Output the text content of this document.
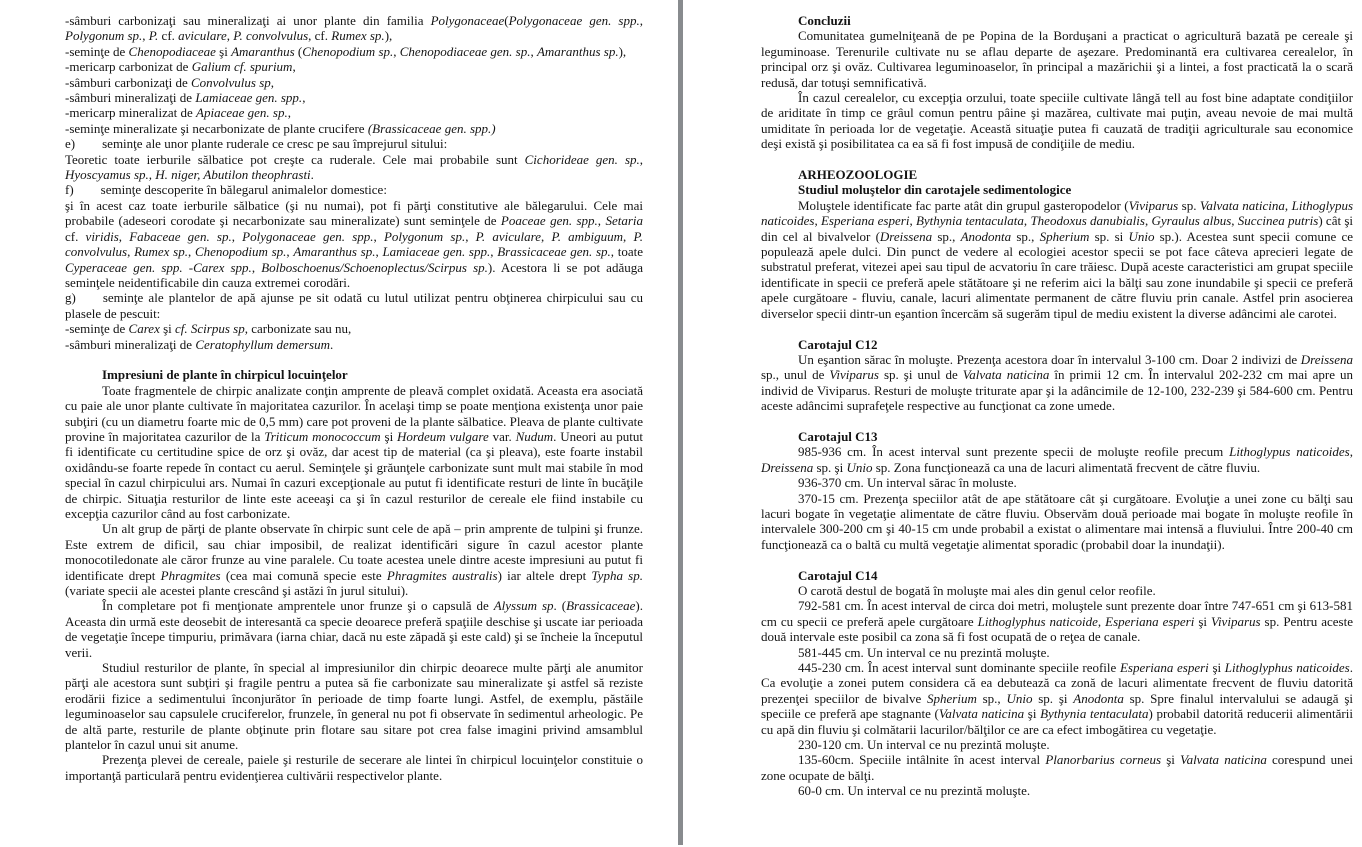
-sâmburi carbonizaţi sau mineralizaţi ai unor plante din familia Polygonaceae(Polygonaceae gen. spp., Polygonum sp., P. cf. aviculare, P. convolvulus, cf. Rumex sp.),

-seminţe de Chenopodiaceae şi Amaranthus (Chenopodium sp., Chenopodiaceae gen. sp., Amaranthus sp.),

-mericarp carbonizat de Galium cf. spurium,

-sâmburi carbonizaţi de Convolvulus sp,

-sâmburi mineralizaţi de Lamiaceae gen. spp.,

-mericarp mineralizat de Apiaceae gen. sp.,

-seminţe mineralizate şi necarbonizate de plante crucifere (Brassicaceae gen. spp.)

e) seminţe ale unor plante ruderale ce cresc pe sau împrejurul sitului:

Teoretic toate ierburile sălbatice pot creşte ca ruderale. Cele mai probabile sunt Cichorideae gen. sp., Hyoscyamus sp., H. niger, Abutilon theophrasti.

f) seminţe descoperite în bălegarul animalelor domestice:

şi în acest caz toate ierburile sălbatice (şi nu numai), pot fi părţi constitutive ale bălegarului. Cele mai probabile (adeseori corodate şi necarbonizate sau mineralizate) sunt seminţele de Poaceae gen. spp., Setaria cf. viridis, Fabaceae gen. sp., Polygonaceae gen. spp., Polygonum sp., P. aviculare, P. ambiguum, P. convolvulus, Rumex sp., Chenopodium sp., Amaranthus sp., Lamiaceae gen. spp., Brassicaceae gen. sp., toate Cyperaceae gen. spp. -Carex spp., Bolboschoenus/Schoenoplectus/Scirpus sp.). Acestora li se pot adăuga seminţele neidentificabile din cauza extremei corodări.

g) seminţe ale plantelor de apă ajunse pe sit odată cu lutul utilizat pentru obţinerea chirpicului sau cu plasele de pescuit:

-seminţe de Carex şi cf. Scirpus sp, carbonizate sau nu,

-sâmburi mineralizaţi de Ceratophyllum demersum.

Impresiuni de plante în chirpicul locuinţelor

Toate fragmentele de chirpic analizate conţin amprente de pleavă complet oxidată. Aceasta era asociată cu paie ale unor plante cultivate în majoritatea cazurilor. În acelaşi timp se poate menţiona existenţa unor paie subţiri (cu un diametru foarte mic de 0,5 mm) care pot proveni de la plante sălbatice. Pleava de plante cultivate provine în majoritatea cazurilor de la Triticum monococcum şi Hordeum vulgare var. Nudum. Uneori au putut fi identificate cu certitudine spice de orz şi ovăz, dar acest tip de material (ca şi pleava), este foarte instabil oxidându-se foarte repede în contact cu aerul. Seminţele şi grăunţele carbonizate sunt mult mai stabile în mod special în cazul chirpicului ars. Numai în cazuri excepţionale au putut fi identificate resturi de linte în bucăţile de chirpic. Situaţia resturilor de linte este aceeaşi ca şi în cazul resturilor de cereale ele fiind instabile cu excepţia cazurilor când au fost carbonizate.

Un alt grup de părţi de plante observate în chirpic sunt cele de apă – prin amprente de tulpini şi frunze. Este extrem de dificil, sau chiar imposibil, de realizat identificări sigure în cazul acestor plante monocotiledonate ale căror frunze au vine paralele. Cu toate acestea unele dintre aceste impresiuni au putut fi identificate drept Phragmites (cea mai comună specie este Phragmites australis) iar altele drept Typha sp. (variate specii ale acestei plante crescând şi astăzi în jurul sitului).

În completare pot fi menţionate amprentele unor frunze şi o capsulă de Alyssum sp. (Brassicaceae). Aceasta din urmă este deosebit de interesantă ca specie deoarece preferă spaţiile deschise şi uscate iar perioada de vegetaţie începe timpuriu, primăvara (iarna chiar, dacă nu este zăpadă şi este cald) şi se încheie la începutul verii.

Studiul resturilor de plante, în special al impresiunilor din chirpic deoarece multe părţi ale anumitor părţi ale acestora sunt subţiri şi fragile pentru a putea să fie carbonizate sau mineralizate şi astfel să reziste erodării fizice a sedimentului înconjurător în perioade de timp foarte lungi. Astfel, de exemplu, păstăile leguminoaselor sau capsulele cruciferelor, frunzele, în general nu pot fi observate în sedimentul arheologic. Pe de altă parte, resturile de plante obţinute prin flotare sau sitare pot crea false imagini privind amsamblul plantelor în cazul unui sit anume.

Prezenţa plevei de cereale, paiele şi resturile de secerare ale lintei în chirpicul locuinţelor constituie o importanţă particulară pentru evidenţierea cultivării respectivelor plante.

Concluzii

Comunitatea gumelniţeană de pe Popina de la Borduşani a practicat o agricultură bazată pe cereale şi leguminoase. Terenurile cultivate nu se aflau departe de aşezare. Predominantă era cultivarea cerealelor, în principal orz şi ovăz. Cultivarea leguminoaselor, în principal a mazărichii şi a lintei, a fost practicată la o scară redusă, dar totuşi semnificativă.

În cazul cerealelor, cu excepţia orzului, toate speciile cultivate lângă tell au fost bine adaptate condiţiilor de ariditate în timp ce grâul comun pentru pâine şi mazărea, cultivate mai puţin, aveau nevoie de mai multă umiditate în perioada lor de vegetaţie. Această situaţie putea fi cauzată de tradiţii agriculturale sau economice deşi există şi posibilitatea ca ea să fi fost impusă de condiţiile de mediu.

ARHEOZOOLOGIE

Studiul moluştelor din carotajele sedimentologice

Moluştele identificate fac parte atât din grupul gasteropodelor (Viviparus sp. Valvata naticina, Lithoglypus naticoides, Esperiana esperi, Bythynia tentaculata, Theodoxus danubialis, Gyraulus albus, Succinea putris) cât şi din cel al bivalvelor (Dreissena sp., Anodonta sp., Spherium sp. si Unio sp.). Acestea sunt specii comune ce populează apele dulci. Din punct de vedere al ecologiei acestor specii se pot face câteva aprecieri legate de substratul preferat, vitezei apei sau tipul de acvatoriu în care trăiesc. După aceste caracteristici am grupat speciile identificate in specii ce preferă apele stătătoare şi ne referim aici la bălţi sau zone inundabile şi specii ce preferă apele curgătoare - fluviu, canale, lacuri alimentate permanent de către fluviu prin canale. Astfel prin asocierea diverselor specii dintr-un eşantion încercăm să sugerăm tipul de mediu existent la diverse adâncimi ale carotei.

Carotajul C12

Un eşantion sărac în moluşte. Prezenţa acestora doar în intervalul 3-100 cm. Doar 2 indivizi de Dreissena sp., unul de Viviparus sp. şi unul de Valvata naticina în primii 12 cm. În intervalul 202-232 cm mai apre un individ de Viviparus. Resturi de moluşte triturate apar şi la adâncimile de 12-100, 232-239 şi 584-600 cm. Pentru aceste adâncimi suprafeţele respective au funcţionat ca zone umede.

Carotajul C13

985-936 cm. În acest interval sunt prezente specii de moluşte reofile precum Lithoglypus naticoides, Dreissena sp. şi Unio sp. Zona funcţionează ca una de lacuri alimentată frecvent de către fluviu.

936-370 cm. Un interval sărac în moluste.

370-15 cm. Prezenţa speciilor atât de ape stătătoare cât şi curgătoare. Evoluţie a unei zone cu bălţi sau lacuri bogate în vegetaţie alimentate de către fluviu. Observăm două perioade mai bogate în moluşte reofile în intervalele 300-200 cm şi 40-15 cm unde probabil a existat o alimentare mai intensă a fluviului. Între 200-40 cm funcţionează ca o baltă cu multă vegetaţie alimentat sporadic (probabil doar la inundaţii).

Carotajul C14

O carotă destul de bogată în moluşte mai ales din genul celor reofile.

792-581 cm. În acest interval de circa doi metri, moluştele sunt prezente doar între 747-651 cm şi 613-581 cm cu specii ce preferă apele curgătoare Lithoglyphus naticoide, Esperiana esperi şi Viviparus sp. Pentru aceste două intervale este posibil ca zona să fi fost ocupată de o reţea de canale.

581-445 cm. Un interval ce nu prezintă moluşte.

445-230 cm. În acest interval sunt dominante speciile reofile Esperiana esperi şi Lithoglyphus naticoides. Ca evoluţie a zonei putem considera că ea debutează ca zonă de lacuri alimentate frecvent de fluviu datorită prezenţei speciilor de bivalve Spherium sp., Unio sp. şi Anodonta sp. Spre finalul intervalului se adaugă şi speciile ce preferă ape stagnante (Valvata naticina şi Bythynia tentaculata) probabil datorită reducerii alimentării cu apă din fluviu şi colmătarii lacurilor/bălţilor ce are ca efect imbogătirea cu vegetaţie.

230-120 cm. Un interval ce nu prezintă moluşte.

135-60cm. Speciile intâlnite în acest interval Planorbarius corneus şi Valvata naticina corespund unei zone ocupate de bălţi.

60-0 cm. Un interval ce nu prezintă moluşte.
